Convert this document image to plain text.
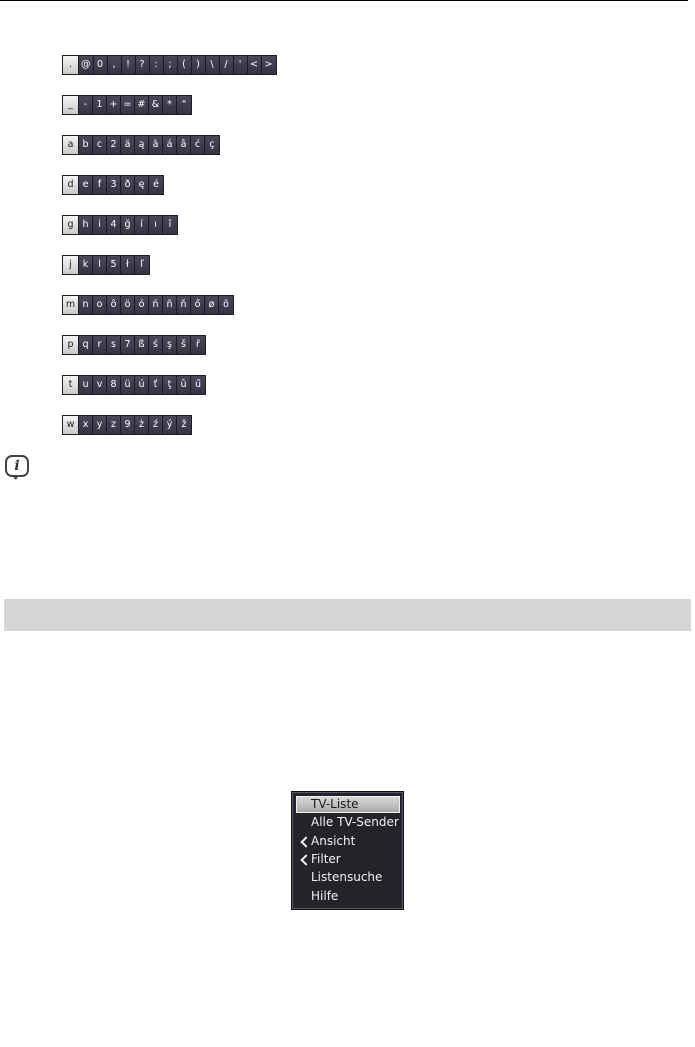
. @ 0 ,	!	?	:	;	(	)	\	/	' < >
_	- 1 + = # & *	"
a b c 2 ä ą ă á â ć ç
d e f 3 ð ę é
g h	i	4 ğ	í	ı	î
j	k	l	5	ł	ľ
m n o ô ö ó ń ñ ň ő ø õ
p q r	s 7 ß ś ş š	ř
t	u v 8 ü ú ť	ţ û ű
w x y z 9 ż ź ý ž
i
TV-Liste
Alle TV-Sender
Ansicht
Filter
Listensuche
Hilfe
